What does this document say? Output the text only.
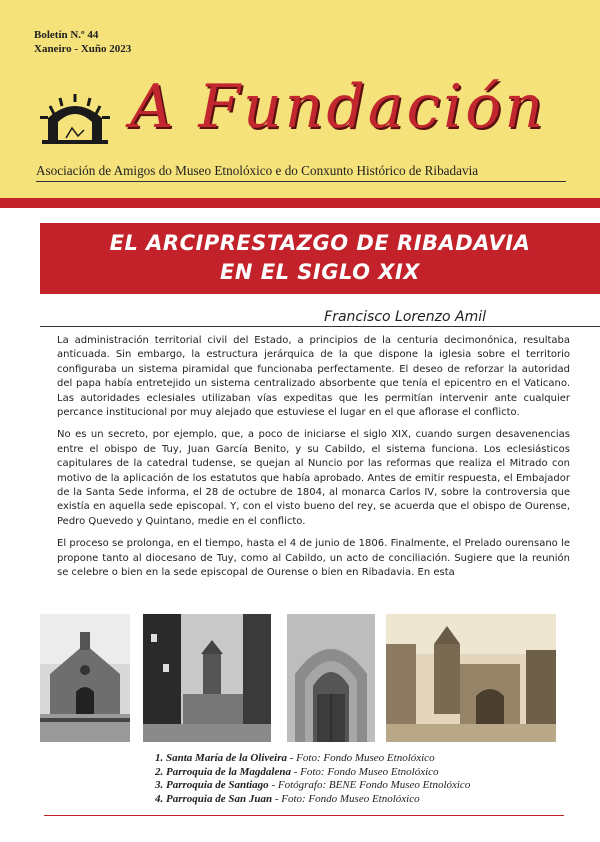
Boletín N.º 44
Xaneiro - Xuño 2023
A Fundación
Asociación de Amigos do Museo Etnolóxico e do Conxunto Histórico de Ribadavia
EL ARCIPRESTAZGO DE RIBADAVIA
EN EL SIGLO XIX
Francisco Lorenzo Amil

La administración territorial civil del Estado, a principios de la centuria decimonónica, resultaba anticuada. Sin embargo, la estructura jerárquica de la que dispone la iglesia sobre el territorio configuraba un sistema piramidal que funcionaba perfectamente. El deseo de reforzar la autoridad del papa había entretejido un sistema centralizado absorbente que tenía el epicentro en el Vaticano. Las autoridades eclesiales utilizaban vías expeditas que les permitían intervenir ante cualquier percance institucional por muy alejado que estuviese el lugar en el que aflorase el conflicto.

No es un secreto, por ejemplo, que, a poco de iniciarse el siglo XIX, cuando surgen desavenencias entre el obispo de Tuy, Juan García Benito, y su Cabildo, el sistema funciona. Los eclesiásticos capitulares de la catedral tudense, se quejan al Nuncio por las reformas que realiza el Mitrado con motivo de la aplicación de los estatutos que había aprobado. Antes de emitir respuesta, el Embajador de la Santa Sede informa, el 28 de octubre de 1804, al monarca Carlos IV, sobre la controversia que existía en aquella sede episcopal. Y, con el visto bueno del rey, se acuerda que el obispo de Ourense, Pedro Quevedo y Quintano, medie en el conflicto.

El proceso se prolonga, en el tiempo, hasta el 4 de junio de 1806. Finalmente, el Prelado ourensano le propone tanto al diocesano de Tuy, como al Cabildo, un acto de conciliación. Sugiere que la reunión se celebre o bien en la sede episcopal de Ourense o bien en Ribadavia. En esta

1. Santa María de la Oliveira - Foto: Fondo Museo Etnolóxico
2. Parroquia de la Magdalena - Foto: Fondo Museo Etnolóxico
3. Parroquia de Santiago - Fotógrafo: BENE Fondo Museo Etnolóxico
4. Parroquia de San Juan - Foto: Fondo Museo Etnolóxico
